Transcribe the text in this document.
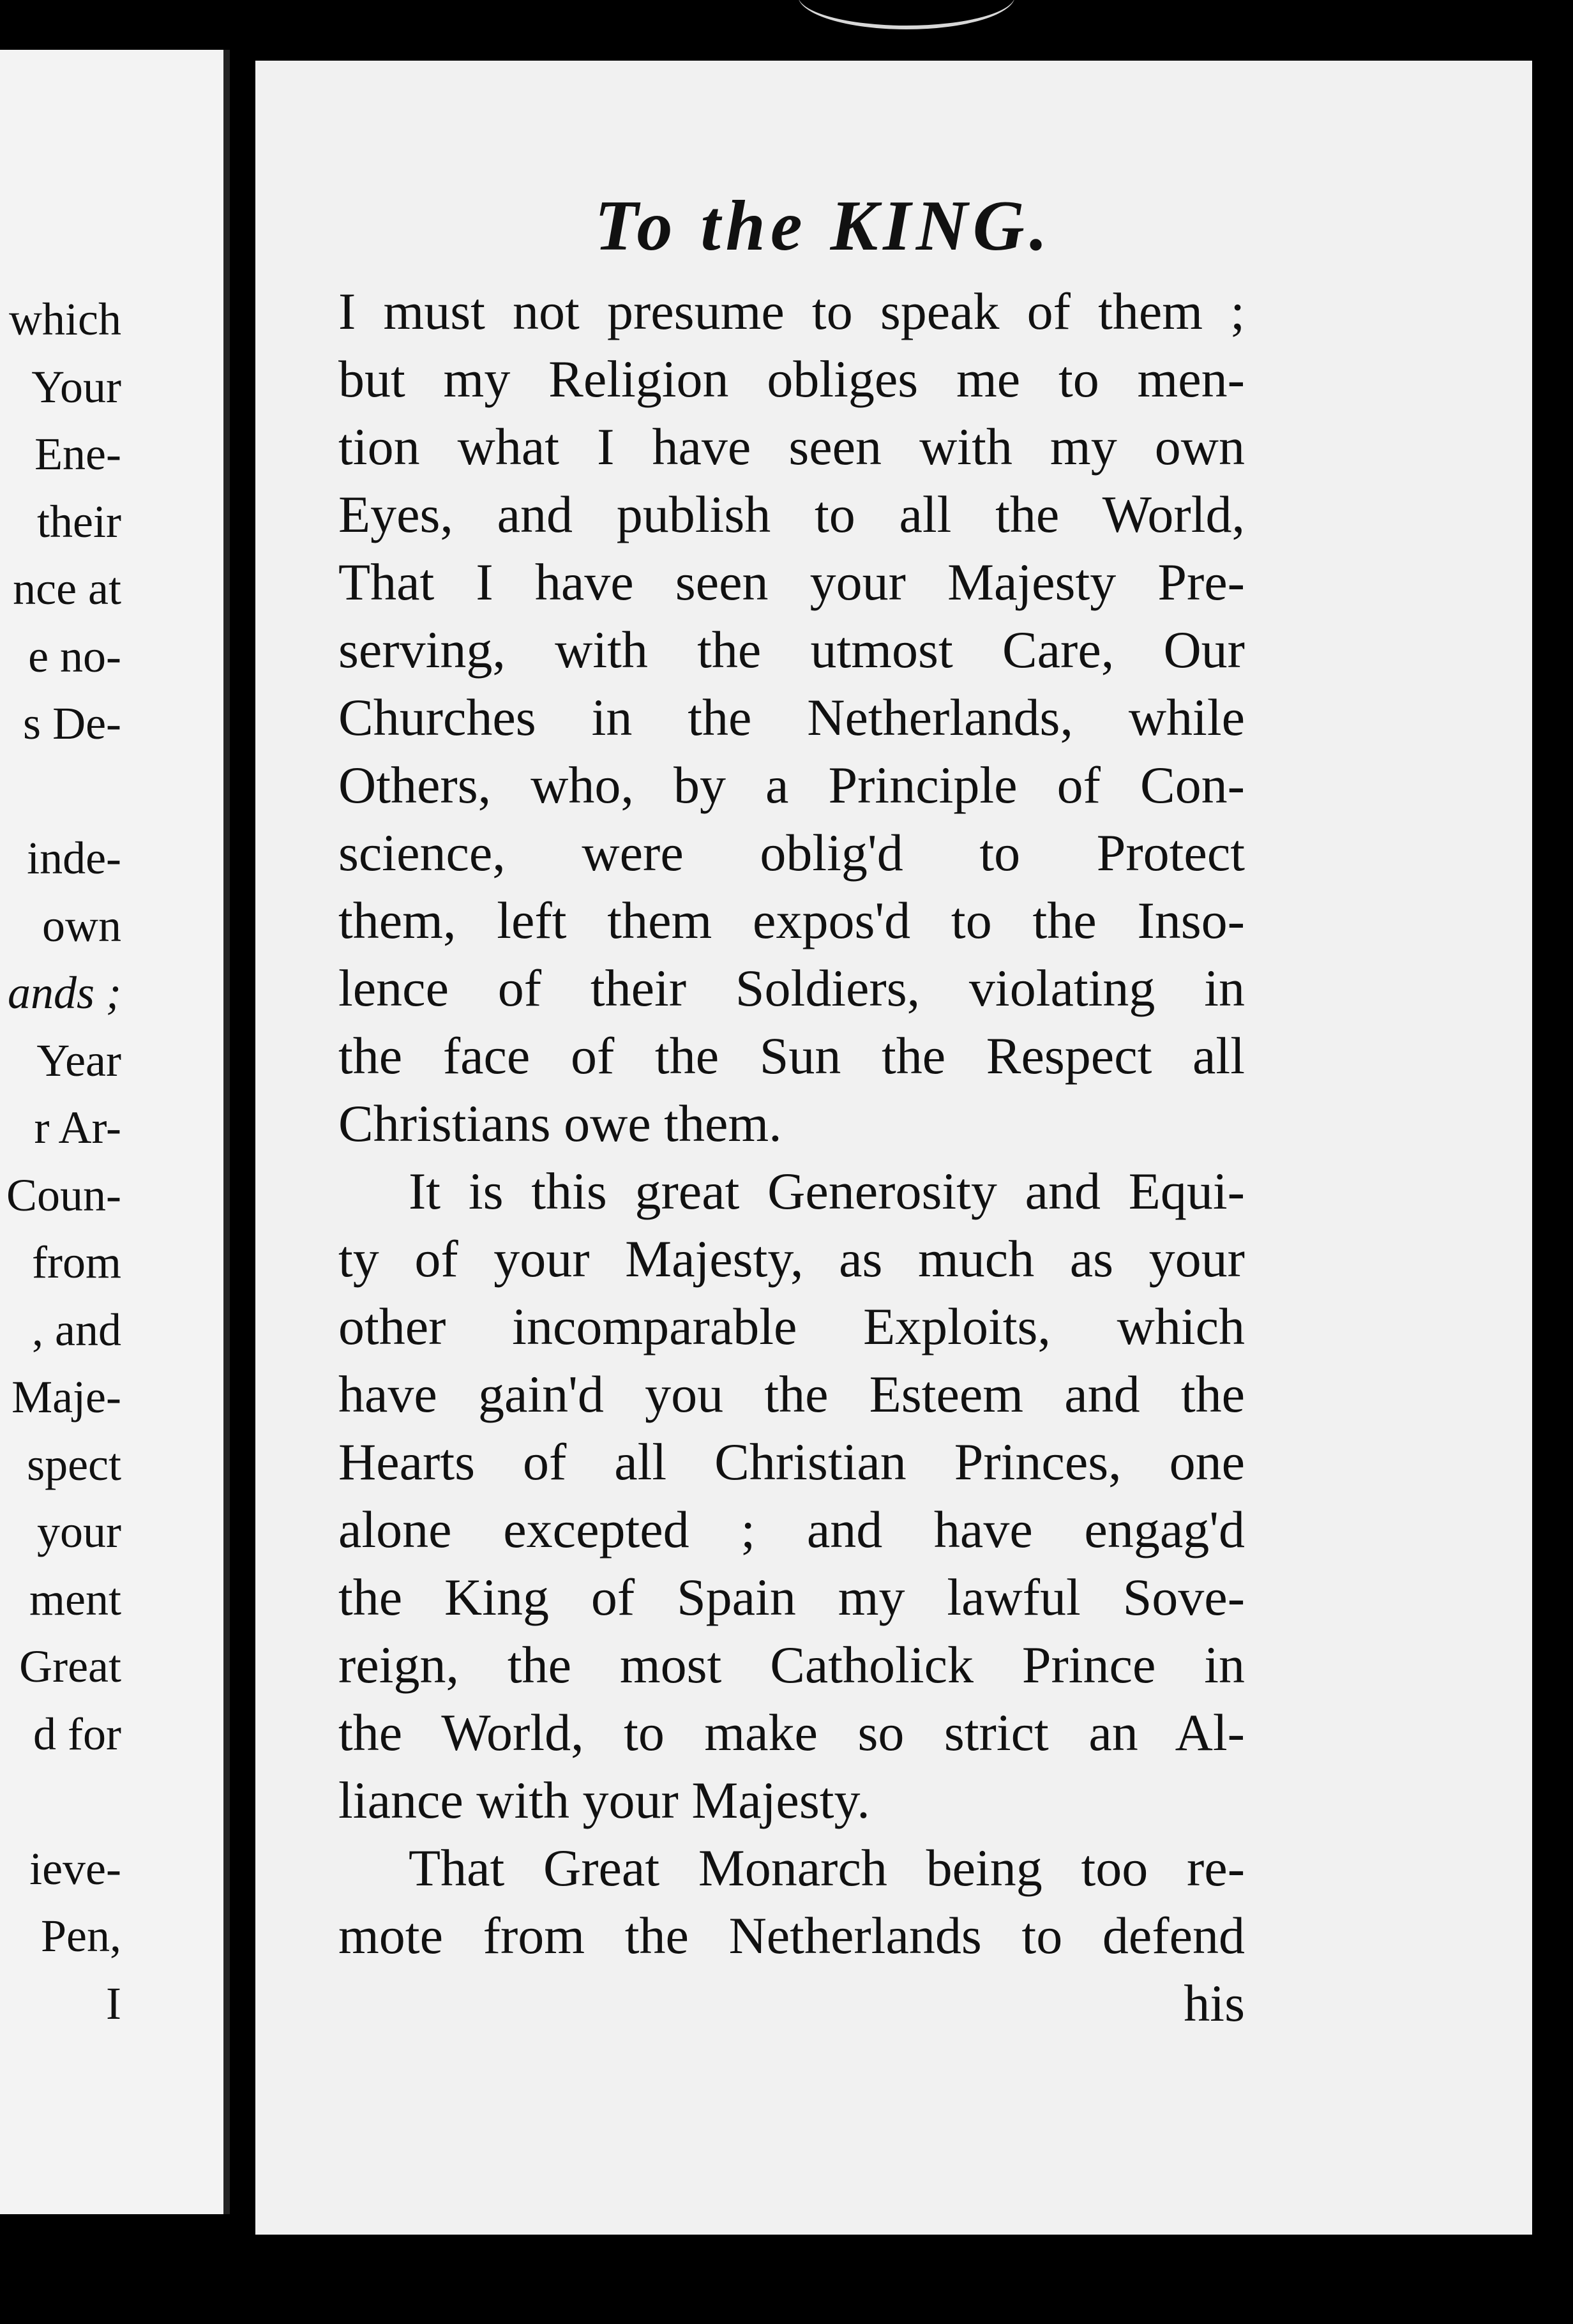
which
Your
Ene-
their
nce at
e no-
s De-
inde-
own
ands ;
Year
r Ar-
Coun-
from
, and
Maje-
spect
your
ment
Great
d for
ieve-
Pen,
I
To the KING.
I must not presume to speak of them ;
but my Religion obliges me to men-
tion what I have seen with my own
Eyes, and publish to all the World,
That I have seen your Majesty Pre-
serving, with the utmost Care, Our
Churches in the Netherlands, while
Others, who, by a Principle of Con-
science, were oblig'd to Protect
them, left them expos'd to the Inso-
lence of their Soldiers, violating in
the face of the Sun the Respect all
Christians owe them.
It is this great Generosity and Equi-
ty of your Majesty, as much as your
other incomparable Exploits, which
have gain'd you the Esteem and the
Hearts of all Christian Princes, one
alone excepted ; and have engag'd
the King of Spain my lawful Sove-
reign, the most Catholick Prince in
the World, to make so strict an Al-
liance with your Majesty.
That Great Monarch being too re-
mote from the Netherlands to defend
his
